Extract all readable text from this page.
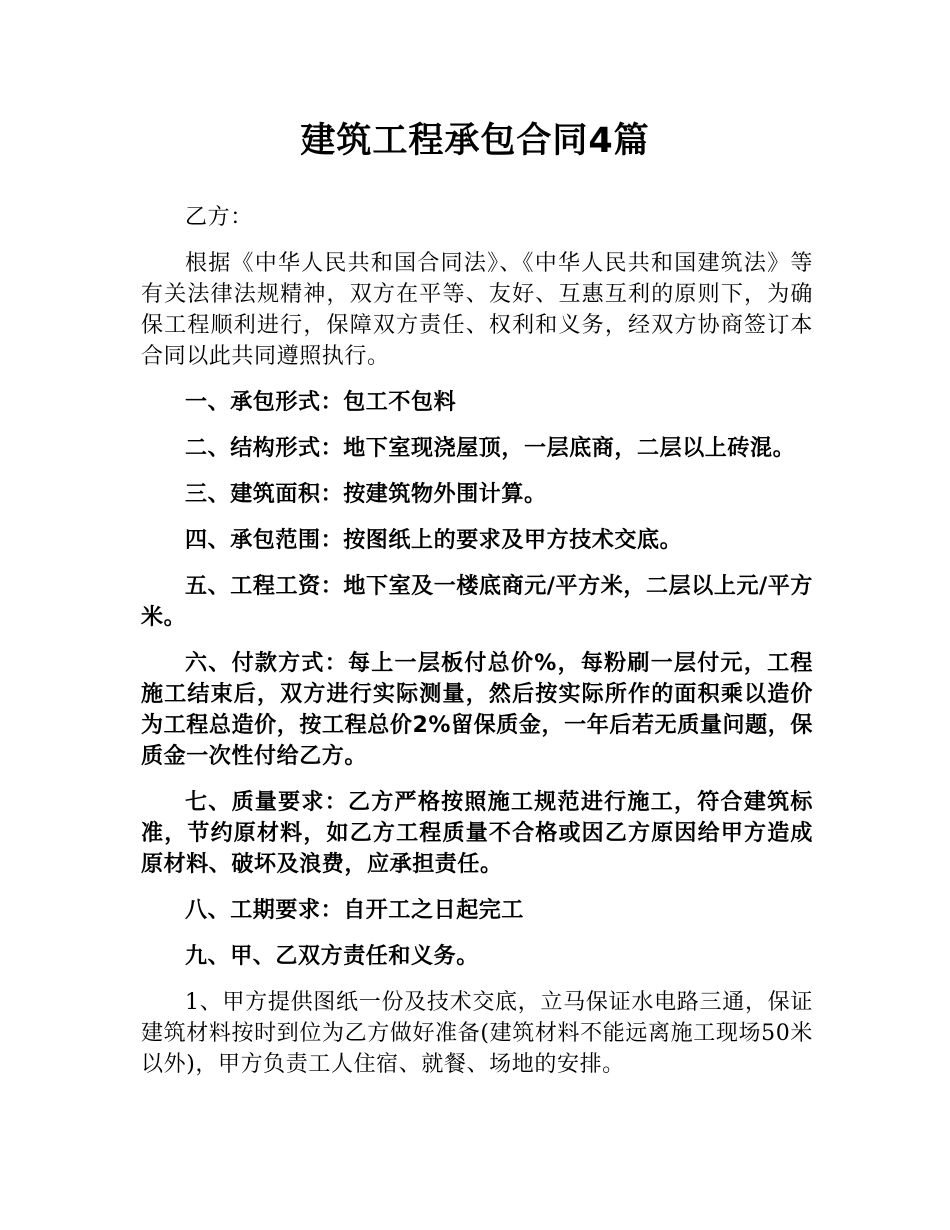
建筑工程承包合同4篇

乙方：

根据《中华人民共和国合同法》、《中华人民共和国建筑法》等有关法律法规精神，双方在平等、友好、互惠互利的原则下，为确保工程顺利进行，保障双方责任、权利和义务，经双方协商签订本合同以此共同遵照执行。

一、承包形式：包工不包料

二、结构形式：地下室现浇屋顶，一层底商，二层以上砖混。

三、建筑面积：按建筑物外围计算。

四、承包范围：按图纸上的要求及甲方技术交底。

五、工程工资：地下室及一楼底商元/平方米，二层以上元/平方米。

六、付款方式：每上一层板付总价%，每粉刷一层付元，工程施工结束后，双方进行实际测量，然后按实际所作的面积乘以造价为工程总造价，按工程总价2%留保质金，一年后若无质量问题，保质金一次性付给乙方。

七、质量要求：乙方严格按照施工规范进行施工，符合建筑标准，节约原材料，如乙方工程质量不合格或因乙方原因给甲方造成原材料、破坏及浪费，应承担责任。

八、工期要求：自开工之日起完工

九、甲、乙双方责任和义务。

1、甲方提供图纸一份及技术交底，立马保证水电路三通，保证建筑材料按时到位为乙方做好准备(建筑材料不能远离施工现场50米以外)，甲方负责工人住宿、就餐、场地的安排。
